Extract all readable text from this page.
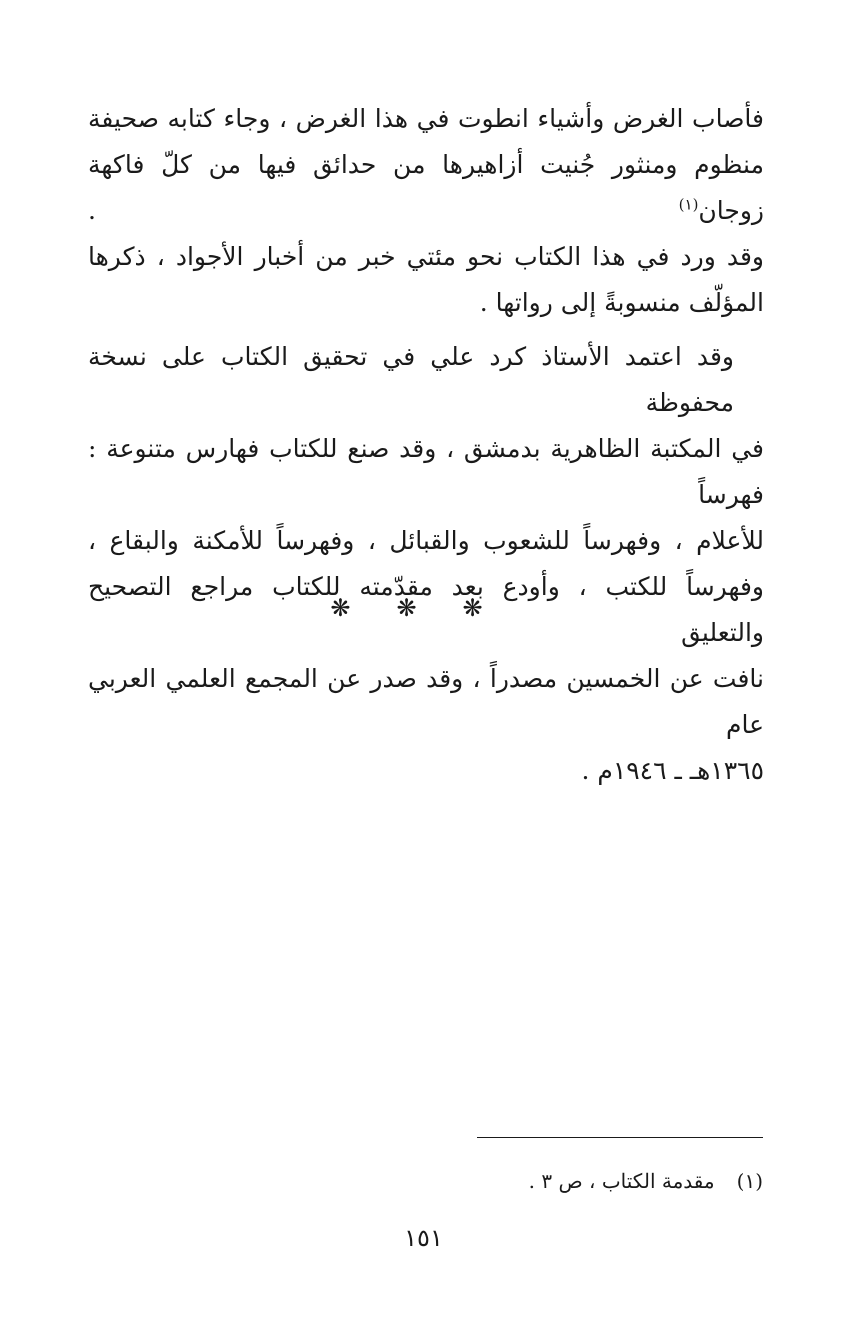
فأصاب الغرض وأشياء انطوت في هذا الغرض ، وجاء كتابه صحيفة
منظوم ومنثور جُنيت أزاهيرها من حدائق فيها من كلّ فاكهة زوجان$^{(١)}$ .
وقد ورد في هذا الكتاب نحو مئتي خبر من أخبار الأجواد ، ذكرها
المؤلّف منسوبةً إلى رواتها .
وقد اعتمد الأستاذ كرد علي في تحقيق الكتاب على نسخة محفوظة
في المكتبة الظاهرية بدمشق ، وقد صنع للكتاب فهارس متنوعة : فهرساً
للأعلام ، وفهرساً للشعوب والقبائل ، وفهرساً للأمكنة والبقاع ،
وفهرساً للكتب ، وأودع بعد مقدّمته للكتاب مراجع التصحيح والتعليق
نافت عن الخمسين مصدراً ، وقد صدر عن المجمع العلمي العربي عام
١٣٦٥هـ ـ ١٩٤٦م .
❋ ❋ ❋
(١)مقدمة الكتاب ، ص ٣ .
١٥١
